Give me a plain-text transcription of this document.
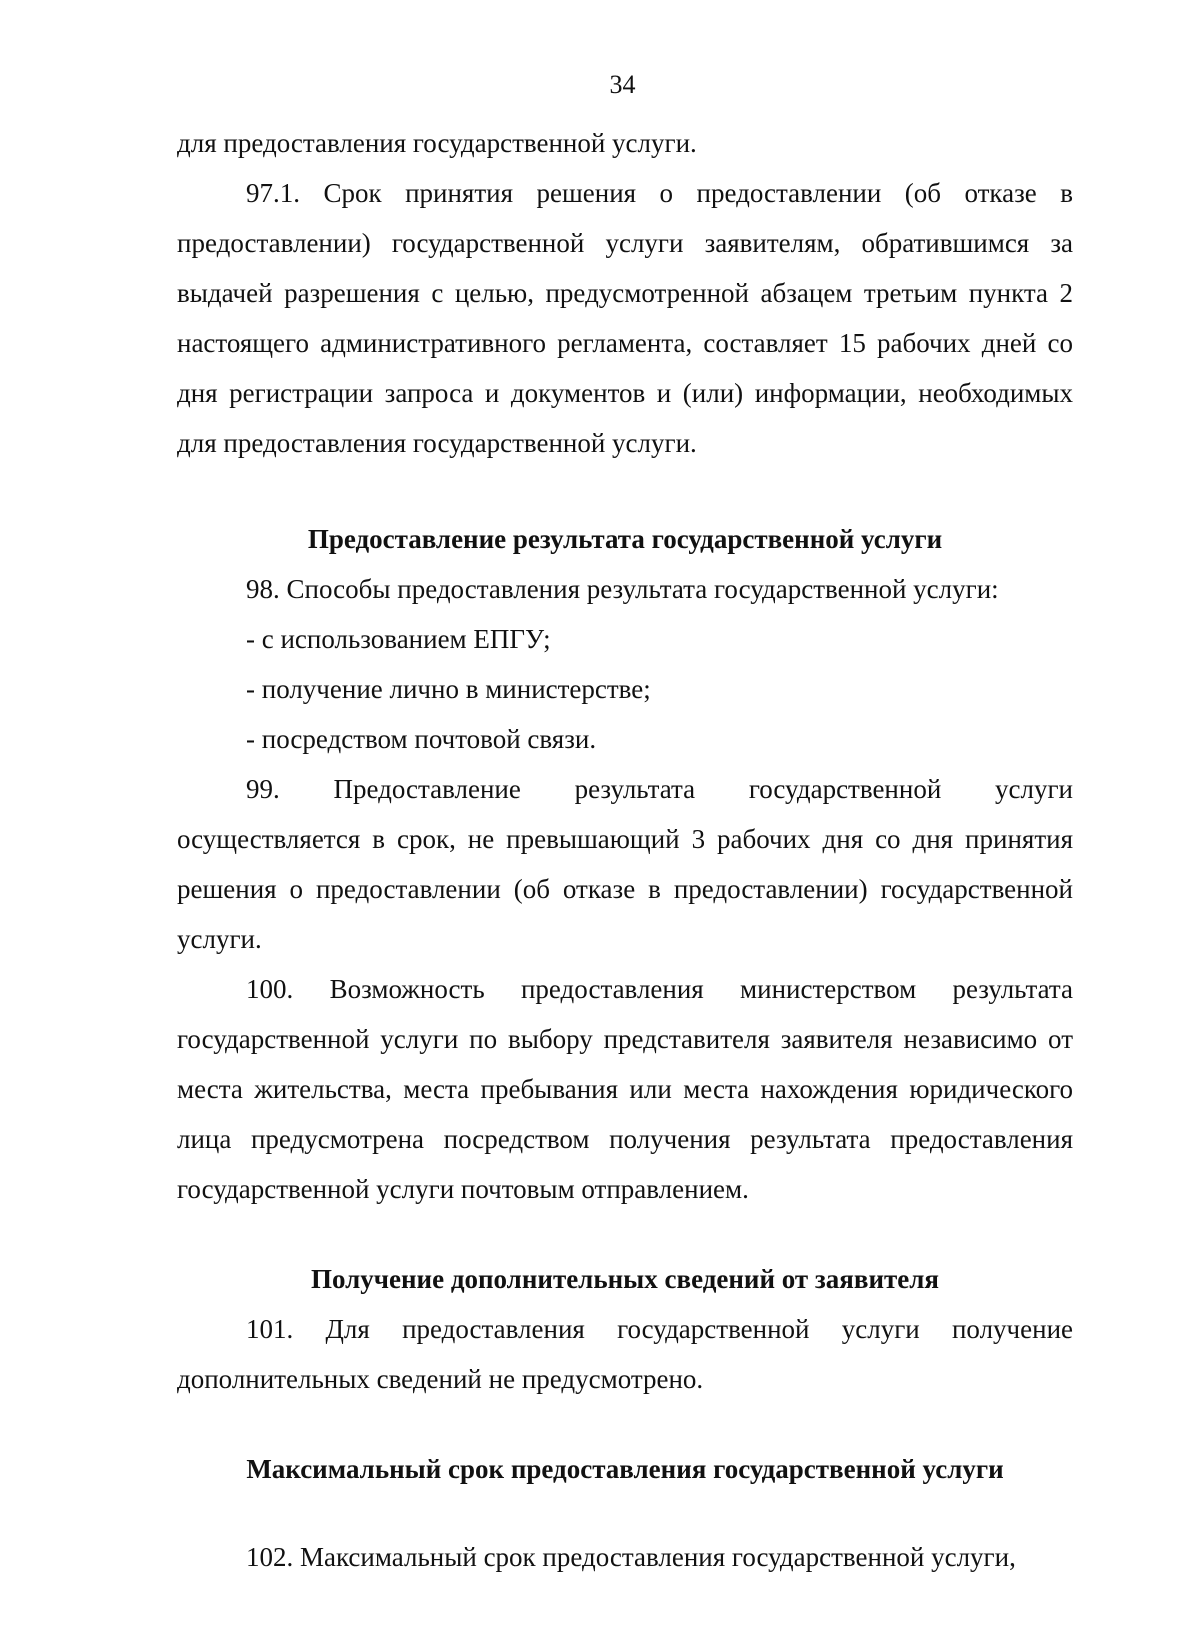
34

для предоставления государственной услуги.

97.1. Срок принятия решения о предоставлении (об отказе в предоставлении) государственной услуги заявителям, обратившимся за выдачей разрешения с целью, предусмотренной абзацем третьим пункта 2 настоящего административного регламента, составляет 15 рабочих дней со дня регистрации запроса и документов и (или) информации, необходимых для предоставления государственной услуги.

Предоставление результата государственной услуги

98. Способы предоставления результата государственной услуги:

- с использованием ЕПГУ;

- получение лично в министерстве;

- посредством почтовой связи.

99. Предоставление результата государственной услуги осуществляется в срок, не превышающий 3 рабочих дня со дня принятия решения о предоставлении (об отказе в предоставлении) государственной услуги.

100. Возможность предоставления министерством результата государственной услуги по выбору представителя заявителя независимо от места жительства, места пребывания или места нахождения юридического лица предусмотрена посредством получения результата предоставления государственной услуги почтовым отправлением.

Получение дополнительных сведений от заявителя

101. Для предоставления государственной услуги получение дополнительных сведений не предусмотрено.

Максимальный срок предоставления государственной услуги

102. Максимальный срок предоставления государственной услуги,
